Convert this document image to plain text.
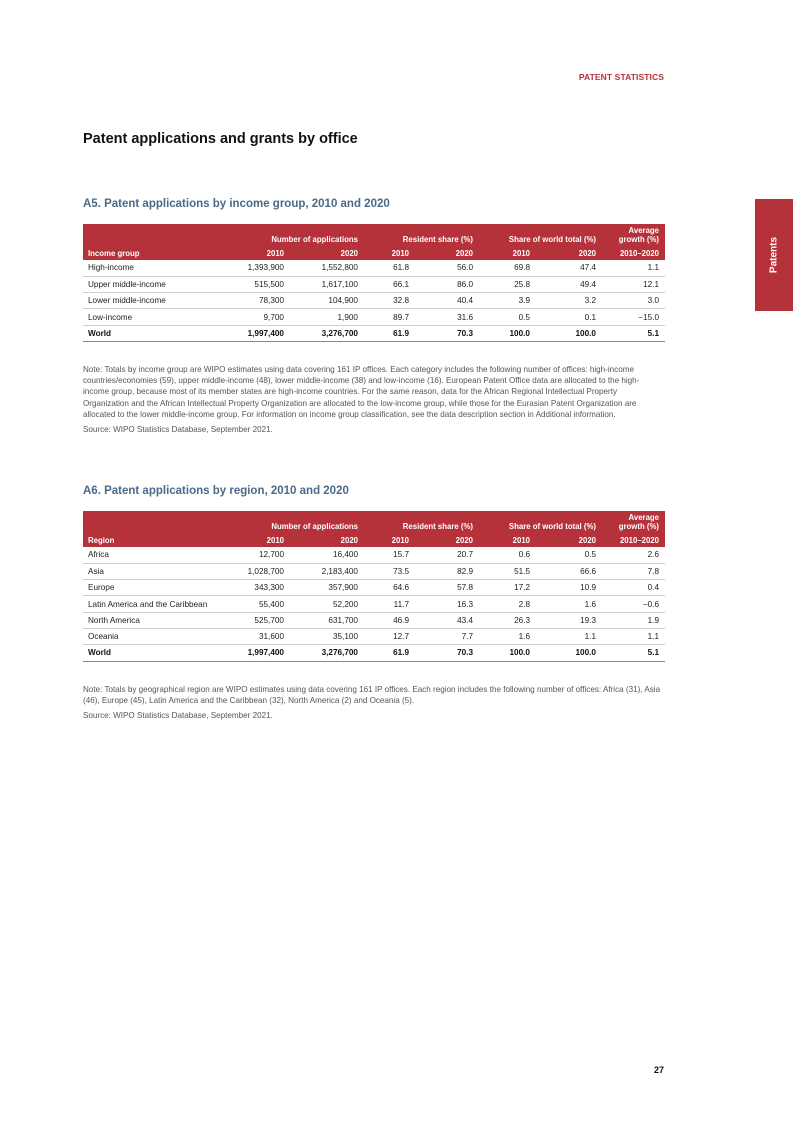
PATENT STATISTICS
Patents
Patent applications and grants by office
A5. Patent applications by income group, 2010 and 2020
	Number of applications		Resident share (%)		Share of world total (%)		Average
growth (%)
Income group	2010	2020	2010	2020	2010	2020	2010–2020
High-income	1,393,900	1,552,800	61.8	56.0	69.8	47.4	1.1
Upper middle-income	515,500	1,617,100	66.1	86.0	25.8	49.4	12.1
Lower middle-income	78,300	104,900	32.8	40.4	3.9	3.2	3.0
Low-income	9,700	1,900	89.7	31.6	0.5	0.1	−15.0
World	1,997,400	3,276,700	61.9	70.3	100.0	100.0	5.1

Note: Totals by income group are WIPO estimates using data covering 161 IP offices. Each category includes the following number of offices: high-income countries/economies (59), upper middle-income (48), lower middle-income (38) and low-income (16). European Patent Office data are allocated to the high-income group, because most of its member states are high-income countries. For the same reason, data for the African Regional Intellectual Property Organization and the African Intellectual Property Organization are allocated to the low-income group, while those for the Eurasian Patent Organization are allocated to the lower middle-income group. For information on income group classification, see the data description section in Additional information.

Source: WIPO Statistics Database, September 2021.

A6. Patent applications by region, 2010 and 2020
	Number of applications		Resident share (%)		Share of world total (%)		Average
growth (%)
Region	2010	2020	2010	2020	2010	2020	2010–2020
Africa	12,700	16,400	15.7	20.7	0.6	0.5	2.6
Asia	1,028,700	2,183,400	73.5	82.9	51.5	66.6	7.8
Europe	343,300	357,900	64.6	57.8	17.2	10.9	0.4
Latin America and the Caribbean	55,400	52,200	11.7	16.3	2.8	1.6	−0.6
North America	525,700	631,700	46.9	43.4	26.3	19.3	1.9
Oceania	31,600	35,100	12.7	7.7	1.6	1.1	1.1
World	1,997,400	3,276,700	61.9	70.3	100.0	100.0	5.1

Note: Totals by geographical region are WIPO estimates using data covering 161 IP offices. Each region includes the following number of offices: Africa (31), Asia (46), Europe (45), Latin America and the Caribbean (32), North America (2) and Oceania (5).

Source: WIPO Statistics Database, September 2021.

27
